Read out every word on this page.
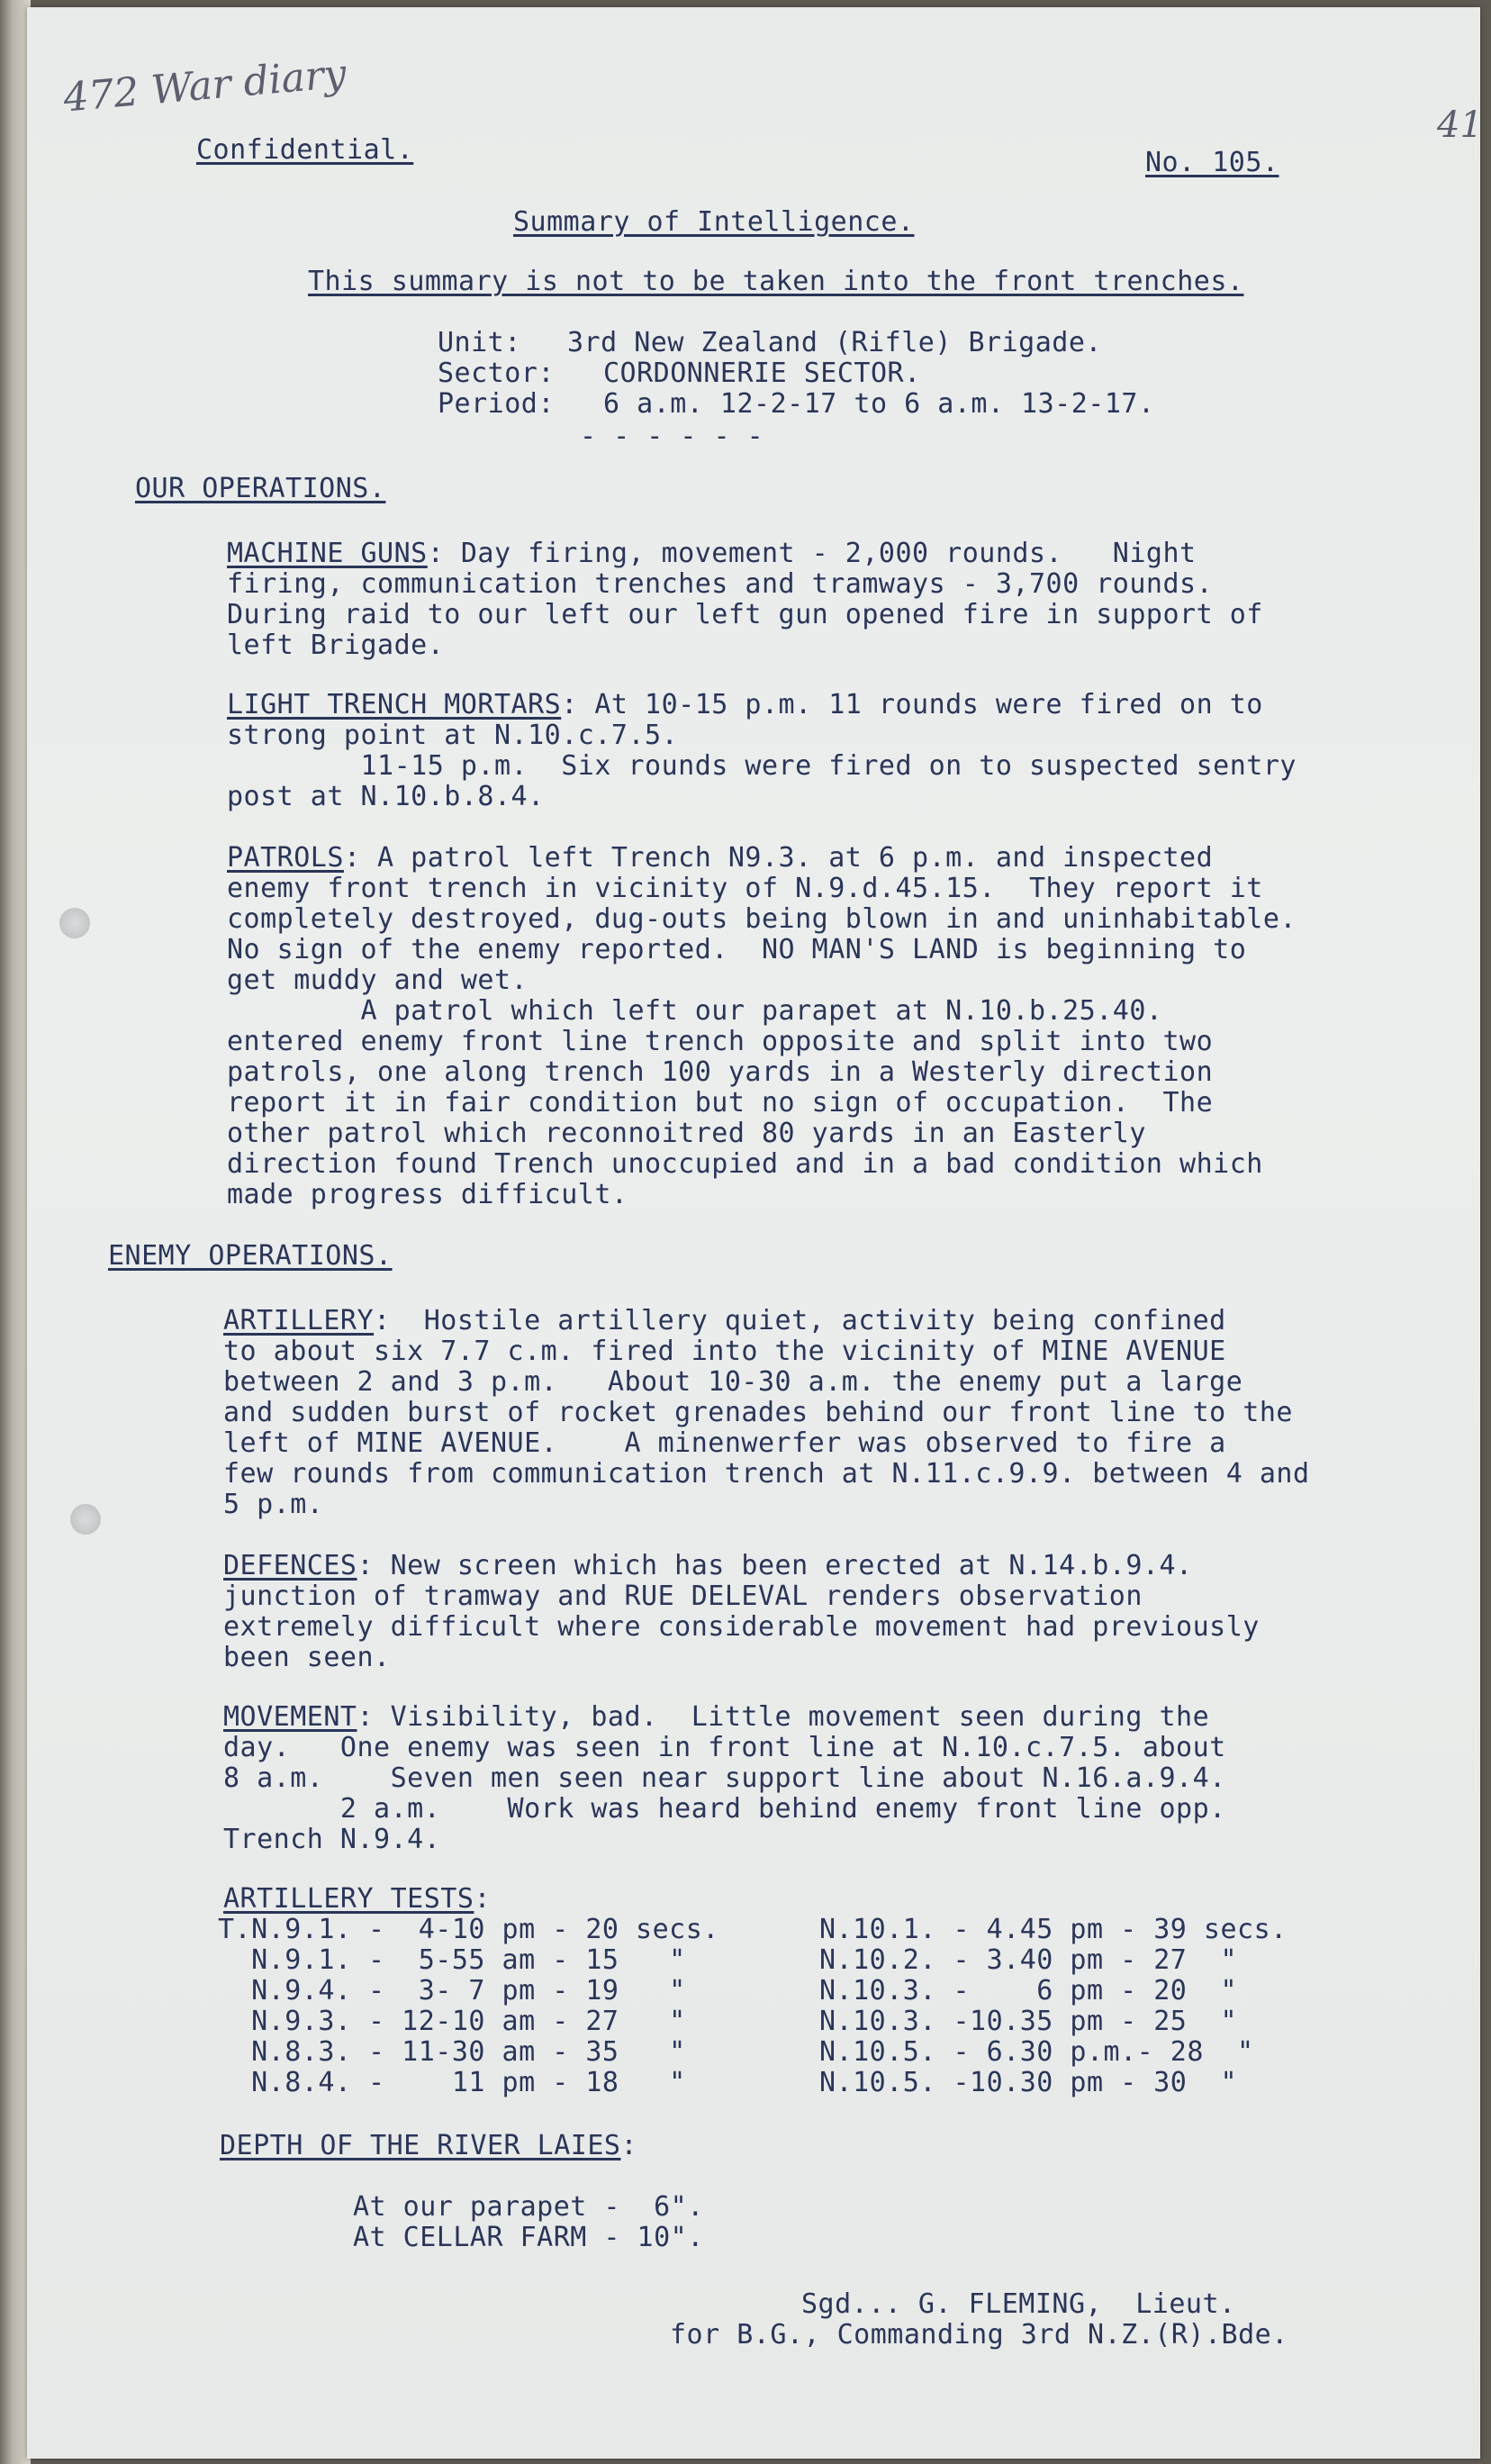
472 War diary
41
Confidential.	No. 105.
Summary of Intelligence.
This summary is not to be taken into the front trenches.
Unit: 3rd New Zealand (Rifle) Brigade.
Sector: CORDONNERIE SECTOR.
Period: 6 a.m. 12-2-17 to 6 a.m. 13-2-17.
- - - - - -
OUR OPERATIONS.
MACHINE GUNS: Day firing, movement - 2,000 rounds.   Night
firing, communication trenches and tramways - 3,700 rounds.
During raid to our left our left gun opened fire in support of
left Brigade.
LIGHT TRENCH MORTARS: At 10-15 p.m. 11 rounds were fired on to
strong point at N.10.c.7.5.
11-15 p.m.  Six rounds were fired on to suspected sentry
post at N.10.b.8.4.
PATROLS: A patrol left Trench N9.3. at 6 p.m. and inspected
enemy front trench in vicinity of N.9.d.45.15.  They report it
completely destroyed, dug-outs being blown in and uninhabitable.
No sign of the enemy reported.  NO MAN'S LAND is beginning to
get muddy and wet.
A patrol which left our parapet at N.10.b.25.40.
entered enemy front line trench opposite and split into two
patrols, one along trench 100 yards in a Westerly direction
report it in fair condition but no sign of occupation.  The
other patrol which reconnoitred 80 yards in an Easterly
direction found Trench unoccupied and in a bad condition which
made progress difficult.
ENEMY OPERATIONS.
ARTILLERY:  Hostile artillery quiet, activity being confined
to about six 7.7 c.m. fired into the vicinity of MINE AVENUE
between 2 and 3 p.m.   About 10-30 a.m. the enemy put a large
and sudden burst of rocket grenades behind our front line to the
left of MINE AVENUE.    A minenwerfer was observed to fire a
few rounds from communication trench at N.11.c.9.9. between 4 and
5 p.m.
DEFENCES: New screen which has been erected at N.14.b.9.4.
junction of tramway and RUE DELEVAL renders observation
extremely difficult where considerable movement had previously
been seen.
MOVEMENT: Visibility, bad.  Little movement seen during the
day.   One enemy was seen in front line at N.10.c.7.5. about
8 a.m.    Seven men seen near support line about N.16.a.9.4.
2 a.m.    Work was heard behind enemy front line opp.
Trench N.9.4.
ARTILLERY TESTS:
T.N.9.1. -  4-10 pm - 20 secs.
N.9.1. -  5-55 am - 15   "
N.9.4. -  3- 7 pm - 19   "
N.9.3. - 12-10 am - 27   "
N.8.3. - 11-30 am - 35   "
N.8.4. -    11 pm - 18   "
N.10.1. - 4.45 pm - 39 secs.
N.10.2. - 3.40 pm - 27  "
N.10.3. -    6 pm - 20  "
N.10.3. -10.35 pm - 25  "
N.10.5. - 6.30 p.m.- 28  "
N.10.5. -10.30 pm - 30  "
DEPTH OF THE RIVER LAIES:
At our parapet -  6".
At CELLAR FARM - 10".
Sgd... G. FLEMING,  Lieut.
for B.G., Commanding 3rd N.Z.(R).Bde.
